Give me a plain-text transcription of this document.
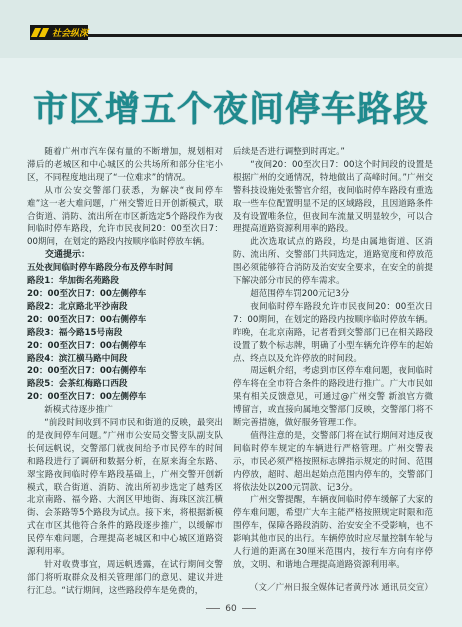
社会纵深
市区增五个夜间停车路段

随着广州市汽车保有量的不断增加，规划相对滞后的老城区和中心城区的公共场所和部分住宅小区，不同程度地出现了“一位难求”的情况。

从市公安交警部门获悉，为解决“夜间停车难”这一老大难问题，广州交警近日开创新模式，联合街道、消防、流出所在市区新选定5个路段作为夜间临时停车路段，允许市民夜间20：00至次日7：00期间，在划定的路段内按顺序临时停放车辆。

交通提示：

五处夜间临时停车路段分布及停车时间

路段1：华加街名苑路段

20：00至次日7：00左侧停车

路段2：北京路北平沙南段

20：00至次日7：00右侧停车

路段3：福今路15号南段

20：00至次日7：00右侧停车

路段4：滨江横马路中间段

20：00至次日7：00右侧停车

路段5：会茶红梅路口西段

20：00至次日7：00左侧停车

新模式待逐步推广

“前段时间收到不同市民和街道的反映，最突出的是夜间停车问题。”广州市公安局交警支队副支队长何远帆说，交警部门就夜间给予市民停车的时间和路段进行了调研和数据分析，在原来海全东路、翠宝路夜间临时停车路段基础上，广州交警开创新模式，联合街道、消防、流出所初步选定了越秀区北京南路、福今路、大润区甲地街、海珠区滨江横街、会茶路等5个路段为试点。接下来，将根据新模式在市区其他符合条件的路段逐步推广，以缓解市民停车难问题，合理提高老城区和中心城区道路资源利用率。

针对收费事宜，周远帆透露，在试行期间交警部门将听取群众及相关管理部门的意见、建议并进行汇总。“试行期间，这些路段停车是免费的，

后续是否进行调整到时再定。”

“夜间20：00至次日7：00这个时间段的设置是根据广州的交通情况，特地做出了高峰时间。”广州交警科技设施处张警官介绍，夜间临时停车路段有重选取一些车位配置明显不足的区域路段，且因道路条件及有设置唯条位，但夜间车流量又明显较少，可以合理提高道路资源利用率的路段。

此次选取试点的路段，均是由属地街道、区消防、流出所、交警部门共同选定，道路宽度和停放范围必须能够符合消防及治安安全要求，在安全的前提下解决部分市民的停车需求。

超范围停车罚200元记3分

夜间临时停车路段允许市民夜间20：00至次日7：00期间，在划定的路段内按顺序临时停放车辆。昨晚，在北京南路，记者看到交警部门已在相关路段设置了数个标志牌，明确了小型车辆允许停车的起始点、终点以及允许停放的时间段。

周远帆介绍，考虑到市区停车难问题，夜间临时停车将在全市符合条件的路段进行推广。广大市民如果有相关反馈意见，可通过@广州交警 新浪官方微博留言，或直接向属地交警部门反映，交警部门将不断完善措施，做好服务管理工作。

值得注意的是，交警部门将在试行期间对违反夜间临时停车规定的车辆进行严格管理。广州交警表示，市民必须严格按照标志牌指示规定的时间、范围内停放，超时、超出起始点范围内停车的，交警部门将依法处以200元罚款、记3分。

广州交警提醒，车辆夜间临时停车缓解了大家的停车难问题，希望广大车主能严格按照规定时限和范围停车，保障各路段消防、治安安全不受影响，也不影响其他市民的出行。车辆停放时应尽量控制车轮与人行道的距离在30厘米范围内，按行车方向有序停放，文明、和谐地合理提高道路资源利用率。

（文／广州日报全媒体记者黄丹冰 通讯员交宣）

60
